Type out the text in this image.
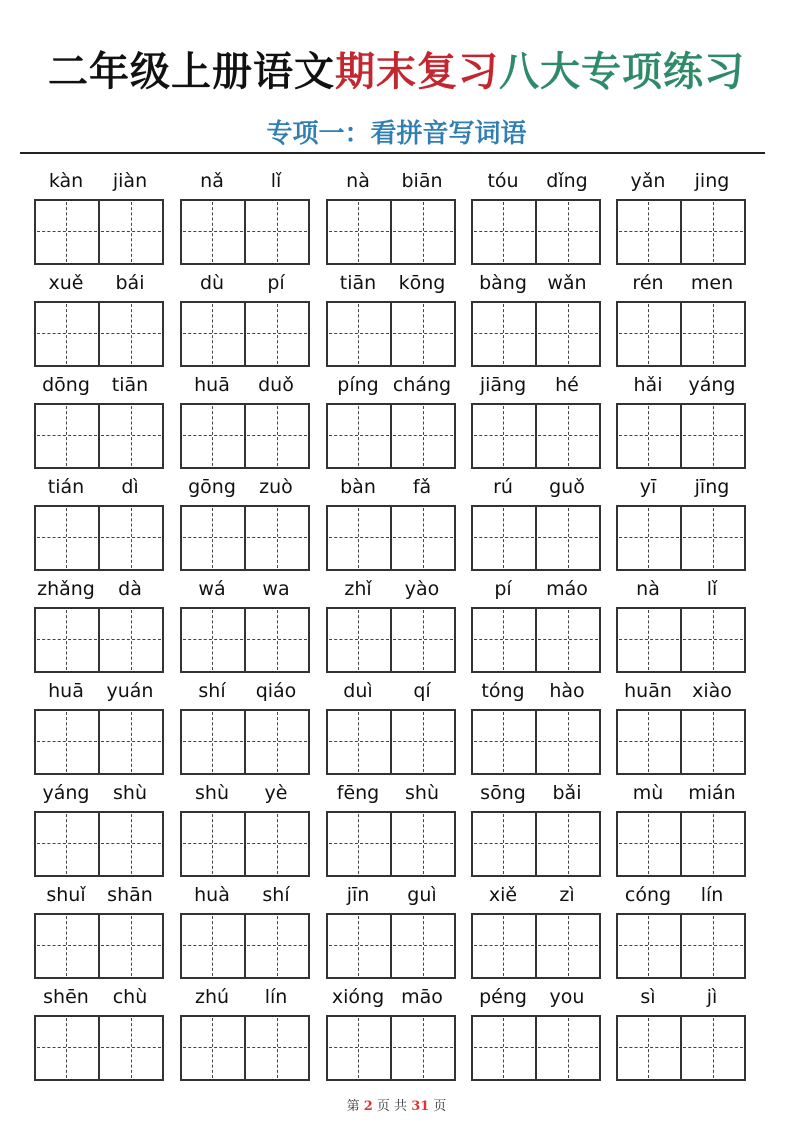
二年级上册语文期末复习八大专项练习
专项一：看拼音写词语
kàn	jiàn	nǎ	lǐ	nà	biān	tóu	dǐng	yǎn	jing
xuě	bái	dù	pí	tiān	kōng	bàng	wǎn	rén	men
dōng	tiān	huā	duǒ	píng cháng	jiāng	hé	hǎi	yáng
tián	dì	gōng	zuò	bàn	fǎ	rú	guǒ	yī	jīng
zhǎng	dà	wá	wa	zhǐ	yào	pí	máo	nà	lǐ
huā	yuán	shí	qiáo	duì	qí	tóng	hào	huān	xiào
yáng	shù	shù	yè	fēng	shù	sōng	bǎi	mù	mián
shuǐ	shān	huà	shí	jīn	guì	xiě	zì	cóng	lín
shēn	chù	zhú	lín	xióng māo	péng	you	sì	jì
第 2 页 共 31 页
